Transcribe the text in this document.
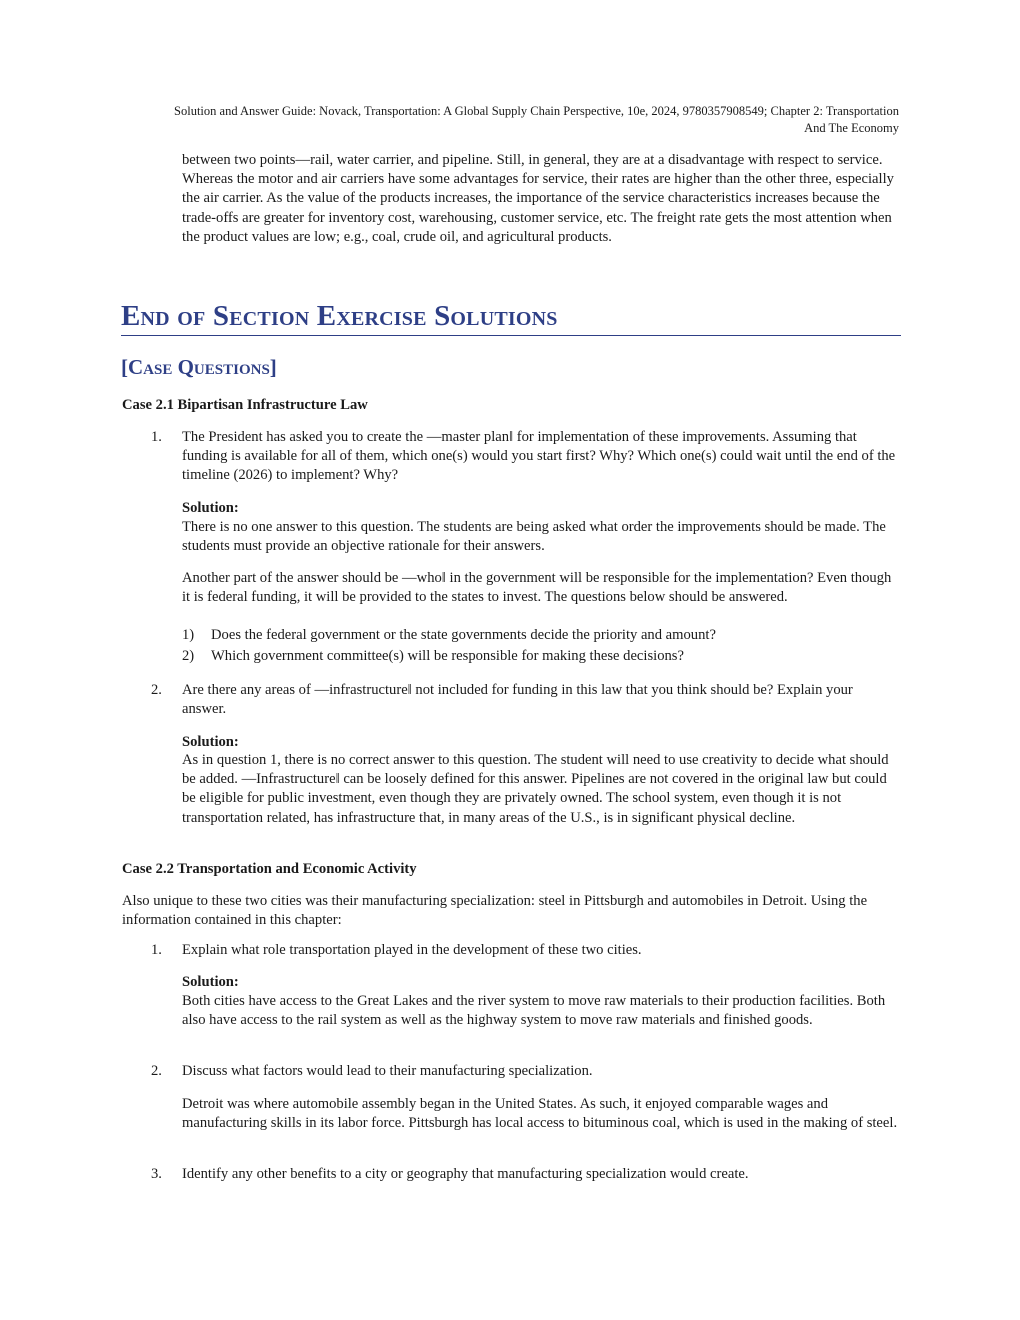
Solution and Answer Guide: Novack, Transportation: A Global Supply Chain Perspective, 10e, 2024, 9780357908549; Chapter 2: Transportation
And The Economy

between two points—rail, water carrier, and pipeline. Still, in general, they are at a disadvantage with respect to service. Whereas the motor and air carriers have some advantages for service, their rates are higher than the other three, especially the air carrier. As the value of the products increases, the importance of the service characteristics increases because the trade-offs are greater for inventory cost, warehousing, customer service, etc. The freight rate gets the most attention when the product values are low; e.g., coal, crude oil, and agricultural products.

End of Section Exercise Solutions
[Case Questions]
Case 2.1 Bipartisan Infrastructure Law
1. The President has asked you to create the ―master plan‖ for implementation of these improvements. Assuming that funding is available for all of them, which one(s) would you start first? Why? Which one(s) could wait until the end of the timeline (2026) to implement? Why?

Solution:

There is no one answer to this question. The students are being asked what order the improvements should be made. The students must provide an objective rationale for their answers.

Another part of the answer should be ―who‖ in the government will be responsible for the implementation? Even though it is federal funding, it will be provided to the states to invest. The questions below should be answered.

1) Does the federal government or the state governments decide the priority and amount?
2) Which government committee(s) will be responsible for making these decisions?
2. Are there any areas of ―infrastructure‖ not included for funding in this law that you think should be? Explain your answer.

Solution:

As in question 1, there is no correct answer to this question. The student will need to use creativity to decide what should be added. ―Infrastructure‖ can be loosely defined for this answer. Pipelines are not covered in the original law but could be eligible for public investment, even though they are privately owned. The school system, even though it is not transportation related, has infrastructure that, in many areas of the U.S., is in significant physical decline.

Case 2.2 Transportation and Economic Activity

Also unique to these two cities was their manufacturing specialization: steel in Pittsburgh and automobiles in Detroit. Using the information contained in this chapter:

1. Explain what role transportation played in the development of these two cities.

Solution:

Both cities have access to the Great Lakes and the river system to move raw materials to their production facilities. Both also have access to the rail system as well as the highway system to move raw materials and finished goods.

2. Discuss what factors would lead to their manufacturing specialization.

Detroit was where automobile assembly began in the United States. As such, it enjoyed comparable wages and manufacturing skills in its labor force. Pittsburgh has local access to bituminous coal, which is used in the making of steel.

3. Identify any other benefits to a city or geography that manufacturing specialization would create.
